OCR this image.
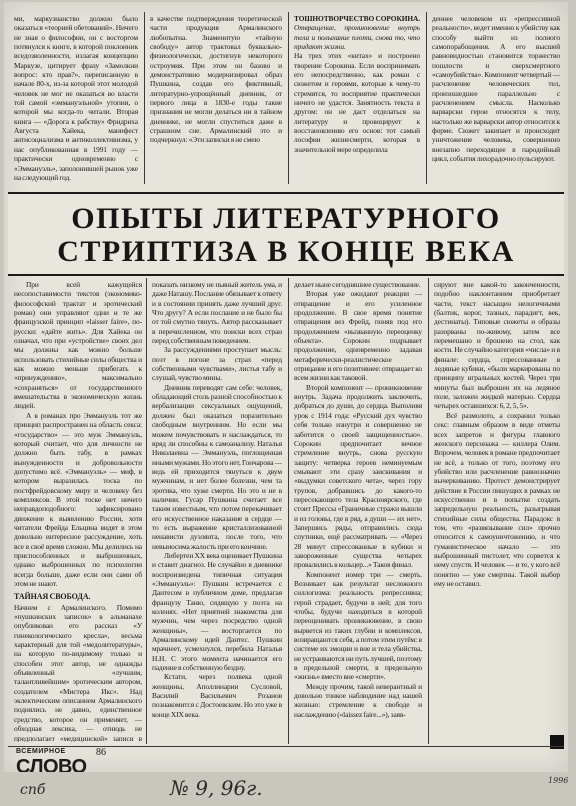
ми, маркузианство должно было оказаться «теорией обетований». Ничего не зная о философии, он с восторгом потянулся к книге, в которой поклонник вседозволенности, излагая концепцию Маркузе, цитирует фразу «Замолкни вопрос: кто прав?», переписанную в начале 80-х, из-за которой этот молодой человек не мог не оказаться во власти той самой «эммануэльной» утопии, о которой мы когда-то читали. Вторая книга — «Дорога к рабству» Фридриха Августа Хайека, манифест антисоциализма и антиколлективизма, у нас опубликованная в 1991 году — практически одновременно с «Эммануэль», заполонившей рынок уже на следующий год.

в качестве подтверждения теоретической части продукция Армалинского любопытна. Знаменитую «тайную свободу» автор трактовал буквально-физиологически, достигнув некоторого остроумия. При этом он базово и демонстративно модернизировал образ Пушкина, создав его фиктивный, литературно-упрощённый дневник, от первого лица в 1830-е годы такие признания не могли делаться ни в тайном дневнике, не могли спуститься даже в страшном сне. Армалинский это и подчеркнул: «Эти записки я не смею

ТОШНОТВОРЧЕСТВО СОРОКИНА. Отвращение, проникновение внутрь тела и полыхание плоти, снова то, что придают жизни.

На трех этих «китах» и построено творение Сорокина. Если воспринимать его непосредственно, как роман с сюжетом и героями, которые к чему-то стремятся, то восприятие практически ничего не удастся. Занятность текста в другом: он не даст отделаться на литературу и провоцирует к восстановлению его основ: тот самый лософии жизнесмерти, которая в значительной мере определила

деннее человеком из «репрессивной реальности», ведет именно к убийству как способу выйти из полного самопорабощения. А его высшей равновидностью становится торжество пошлости и сверхсмертного «самоубийства». Компонент четвертый — расчленение человеческих тел, произошедшее параллельно с расчленением смысла. Насколько варварски герои относятся к телу, настолько же варварски автор относится к форме. Сюжет закипает и происходит уничтожение человека, совершенно внезапно переходящее в пародийный цикл, события лихорадочно пульсируют.

ОПЫТЫ ЛИТЕРАТУРНОГО
СТРИПТИЗА В КОНЦЕ ВЕКА

При всей кажущейся несопоставимости текстов (экономико-философский трактат и эротический роман) они управляют одни и те же французской принцип «laisser faire», по-русски: «дайте жить». Для Хайека он означал, что при «устройстве» своих дел мы должны как можно больше использовать стихийные силы общества и как можно меньше прибегать к «принуждению», максимально «сохраняться» от государственного вмешательства в экономическую жизнь людей.

А в романах про Эммануэль тот же принцип распространен на область секса: «государство» — это муж Эммануэль, который считает, что для личности не должно быть табу, в рамках вынужденности и добровольности допустимо всё. «Эммануэль» — миф, в котором выразилась тоска по постфрейдовскому миру и человеку без комплексов. В этой тоске нет ничего неправдоподобного: зафиксировано движение к выявлению России, хотя читатели Фрейда Ельцина видят в этом довольно интересное рассуждение, хоть все в своё время сложно. Мы делились на приспособленных и выброшенных, однако выброшенных по психологии всегда больше, даже если они сами об этом не знают.

ТАЙНАЯ СВОБОДА.

Начнем с Армалинского. Помимо «пушкинских записок» в альманахе опубликован его рассказ «У гинекологического кресла», весьма характерный для той «медолитературы», на которую по-видимому только и способен этот автор, не однажды объявленный «лучшим, талантливейшим» эротическим автором, создателем «Мистера Икс». Над эклектическим описанием Армалинского поднялись не давно, единственное средство, которое он применяет, — обходная лексика, — отнюдь не предполагает «медицинской» записи в

показать низкому не пьяный житель ума, и даже Наташу. Послание обязывает к ответу и в состоянии принять даже лучший друг. Что другу? А если послание и не было бы от той смутно тянуть. Автор рассказывает в перечисленном, что поиски всех стран перед собственным поведением.

За рассуждениями проступает мысль: поэт в погоне за страх «перед собственными чувствами», листья табу и слушай, чувство мины.

Дневник переводят сам себе: человек, обладающий столь разной способностью к вербализации сексуальных ощущений, должен был оказаться поразительно свободным внутренним. Но если мы можем почувствовать и наслаждаться, то вряд ли способны к самоанализу. Наталья Николаевна — Эммануэль, поглощенная иными мужами. Но этого нет, Гончарова — ведь ей приходится тянуться к двум мужчинам, и нет более болезни, чем та эротика, что хуже смерти. Но это и не в наличии. Гусар Пушкина считает все таким известным, что потом перекачивает его искусственное наказание в сердце — то есть выражение кристаллизованной ненависти дуэлянта, после того, что невыносима жалость при его кончине.

Либертен XX века оценивает Пушкина и ставит диагноз. Не случайно в дневнике воспроизведена типичная ситуация «Эммануэль»: Пушкин встречается с Дантесом в публичном доме, предлагая французу Таню, сидящую у поэта на коленях. «Нет приятней знакомства для мужчин, чем через посредство одной женщины», — восторгается по Армалинскому идей Дантес. Пушкин мрачнеет, усмехнулся, перебила Наталья Н.Н. С этого момента начинается его падение в собственную бездну.

Кстати, через полвека одной женщины, Аполлинарии Сусловой, Василий Васильевич Розанов познакомится с Достоевским. Но это уже в конце XIX века.

делает ныне сегодняшнее существование.

Вторая уже ожидают реакции — отвращение и его усиленное продолжение. В свое время понятие отвращения вез Фрейд, поняв под его продолжением «вызванную переоценку объекта». Сорокин подрывает продолжение, одновременно задавая метафорически-реалистическое отрицание и его позитивнее: отвращает ко всем жизни как таковой.

Второй компонент — проникновение внутрь. Задача продолжить заключить, добраться до души, до сердца. Выполняя урок с 1914 года: «Русский дух чувство себя только изнутри и совершенно не заботится о своей защищенностью». Сорокин предпочитает вечное стремление внутрь, снова русскую защиту: четверка героев неминуемым смывают эти сразу заискивания и «выдумки советского чета», через гору трупов, добравшись до какого-то пересекающего тела Красноярского, где стоит Прессы «Граничные стражи вышли и из головы, где в ряд, а души — их нет». Запершись ряды, отправились сюда спутники, ещё рассматривать — «Через 28 минут спрессованные в кубики и завороженные существа четырех провалились в кольцер...» Таков финал.

Компонент номер три — смерть. Возникает как результат несложного силлогизма: реальность репрессивна; герой страдает, будучи в ней; для того чтобы, будучи находиться в которой переоценивать проникновение, в свою вырвется из таких глубин и комплексов, возвращаются себя, а потом этим путём: в системе их эмоции и вне и тела убийства, не устраиваются ни путь лучшей, поэтому в предельной смерти, в предельную «жизнь» вместо вне «смерти».

Между прочим, такой неверантный и довольно тонкое наблюдение над нашей жизнью: стремление к свободе и наслаждению («laissez faire...»), заяв-

сируют вне какой-то законченности, подобно наклонтанием приобретает части, текст насыщен нелогичными (балтик, корог, тазных, парадигт, век, дестинаты). Типовые сюжеты и образы разорваны по-живому, затем все перемешано и брошено на стол, как кости. Не случайно категория «числа» и в финале: сердца, спрессованные в ледяные кубики, «были маркированы по принципу игральных костей. Через три минуты был выброшен их на ледяное поле, заложен жидкой матерью. Сердца четырех оставшихся: 6, 2, 5, 5».

Всё размолото, а сохранил только секс: главным образом в виде отметы всех запретов и фигуры главного женского персонажа — киллера Олим. Впрочем, человек в романе предпочитает не всё, а только от того, поэтому его убийство или расчленение равнозначно вычеркиванию. Протест демонстрирует действие в России пишущих в рамках не искусственно и в попытке создать запредельную реальность, разыгрывая стихийные силы общества. Парадокс в том, что «развязывание сил» прочно относится к самоуничтожению, и что гуманистическое начало — это выброшенный пистолет, что сорвется к нему спустя. И человек — и те, у кого всё понятно — уже смертны. Такой выбор ему не оставил.

ВСЕМИРНОЕ
СЛОВО
86
спб	№ 9, 96г.	1996
